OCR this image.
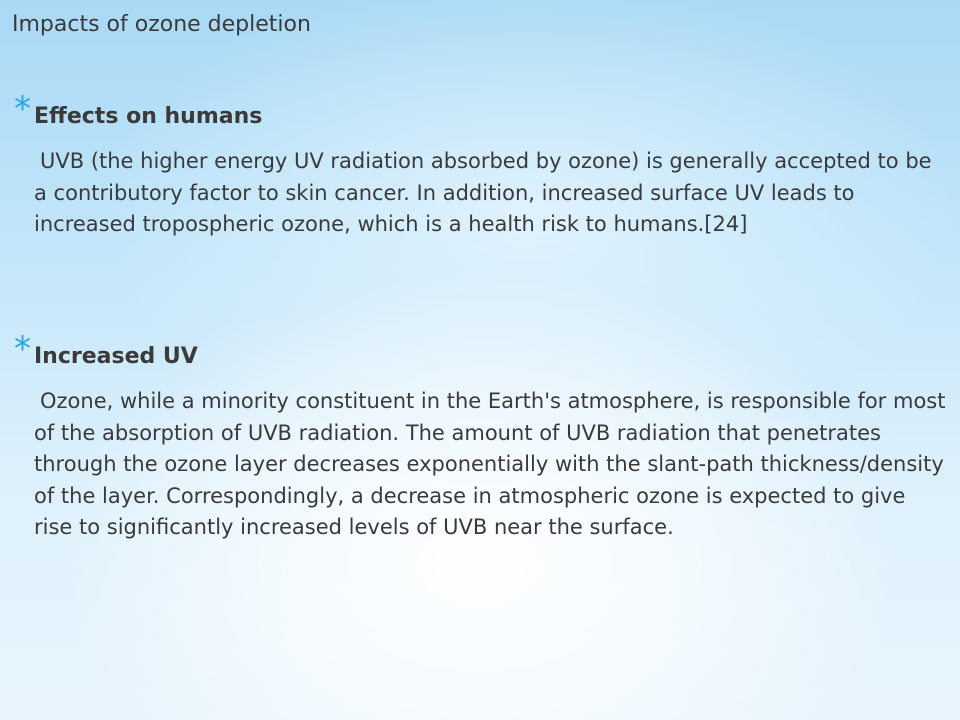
Impacts of ozone depletion
* Effects on humans

UVB (the higher energy UV radiation absorbed by ozone) is generally accepted to be a contributory factor to skin cancer. In addition, increased surface UV leads to increased tropospheric ozone, which is a health risk to humans.[24]

* Increased UV

Ozone, while a minority constituent in the Earth's atmosphere, is responsible for most of the absorption of UVB radiation. The amount of UVB radiation that penetrates through the ozone layer decreases exponentially with the slant-path thickness/density of the layer. Correspondingly, a decrease in atmospheric ozone is expected to give rise to significantly increased levels of UVB near the surface.
